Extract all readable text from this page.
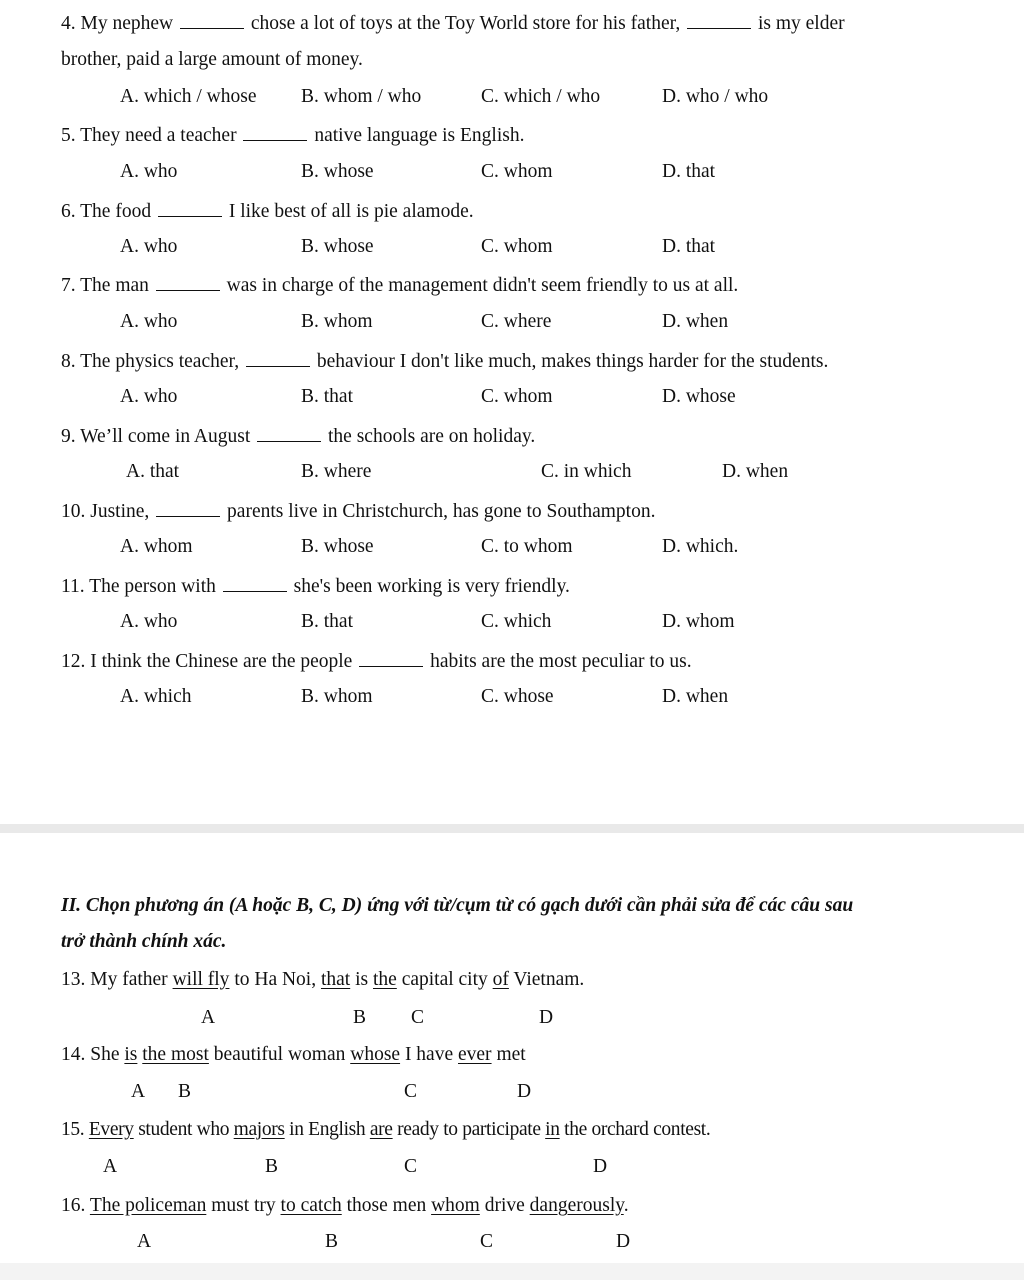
4. My nephew	chose a lot of toys at the Toy World store for his father,	is my elder
brother, paid a large amount of money.
A. which / whose B. whom / who	C. which / who	D. who / who
5. They need a teacher	native language is English.
A. who	B. whose	C. whom	D. that
6. The food	I like best of all is pie alamode.
A. who	B. whose	C. whom	D. that
7. The man	was in charge of the management didn't seem friendly to us at all.
A. who	B. whom	C. where	D. when
8. The physics teacher,	behaviour I don't like much, makes things harder for the students.
A. who	B. that	C. whom	D. whose
9. We’ll come in August	the schools are on holiday.
A. that	B. where	C. in which	D. when
10. Justine,	parents live in Christchurch, has gone to Southampton.
A. whom	B. whose	C. to whom	D. which.
11. The person with	she's been working is very friendly.
A. who	B. that	C. which	D. whom
12. I think the Chinese are the people	habits are the most peculiar to us.
A. which	B. whom	C. whose	D. when
II. Chọn phương án (A hoặc B, C, D) ứng với từ/cụm từ có gạch dưới cần phải sửa để các câu sau
trở thành chính xác.
13. My father will fly to Ha Noi, that is the capital city of Vietnam.
A	B C	D
14. She is the most beautiful woman whose I have ever met
A B	C	D
15. Every student who majors in English are ready to participate in the orchard contest.
A	B	C	D
16. The policeman must try to catch those men whom drive dangerously.
A	B	C	D
